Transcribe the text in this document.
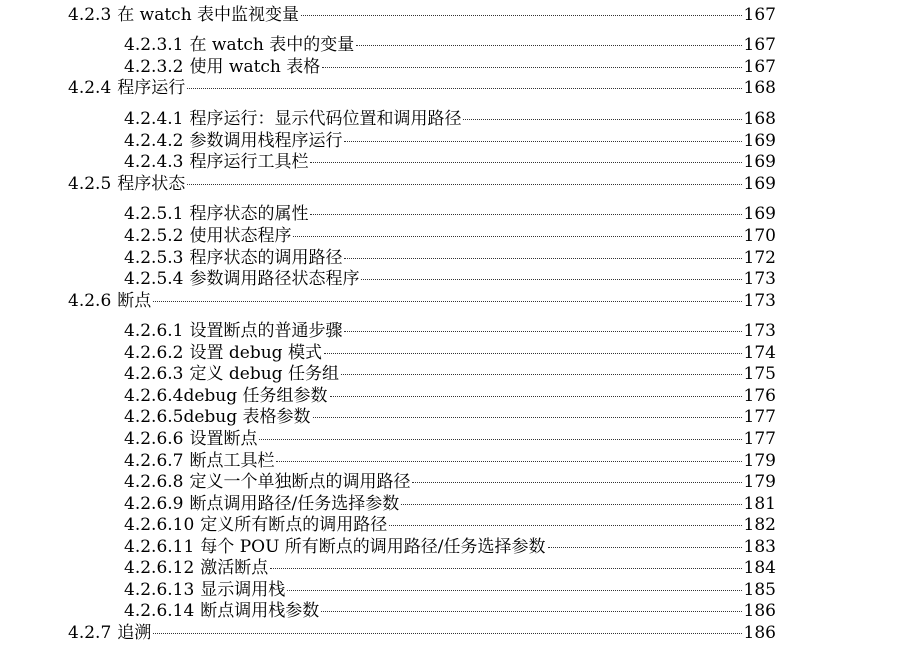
4.2.3 在 watch 表中监视变量	167
4.2.3.1 在 watch 表中的变量	167
4.2.3.2 使用 watch 表格	167
4.2.4 程序运行	168
4.2.4.1 程序运行：显示代码位置和调用路径	168
4.2.4.2 参数调用栈程序运行	169
4.2.4.3 程序运行工具栏	169
4.2.5 程序状态	169
4.2.5.1 程序状态的属性	169
4.2.5.2 使用状态程序	170
4.2.5.3 程序状态的调用路径	172
4.2.5.4 参数调用路径状态程序	173
4.2.6 断点	173
4.2.6.1 设置断点的普通步骤	173
4.2.6.2 设置 debug 模式	174
4.2.6.3 定义 debug 任务组	175
4.2.6.4 debug 任务组参数	176
4.2.6.5 debug 表格参数	177
4.2.6.6 设置断点	177
4.2.6.7 断点工具栏	179
4.2.6.8 定义一个单独断点的调用路径	179
4.2.6.9 断点调用路径/任务选择参数	181
4.2.6.10 定义所有断点的调用路径	182
4.2.6.11 每个 POU 所有断点的调用路径/任务选择参数	183
4.2.6.12 激活断点	184
4.2.6.13 显示调用栈	185
4.2.6.14 断点调用栈参数	186
4.2.7 追溯	186
